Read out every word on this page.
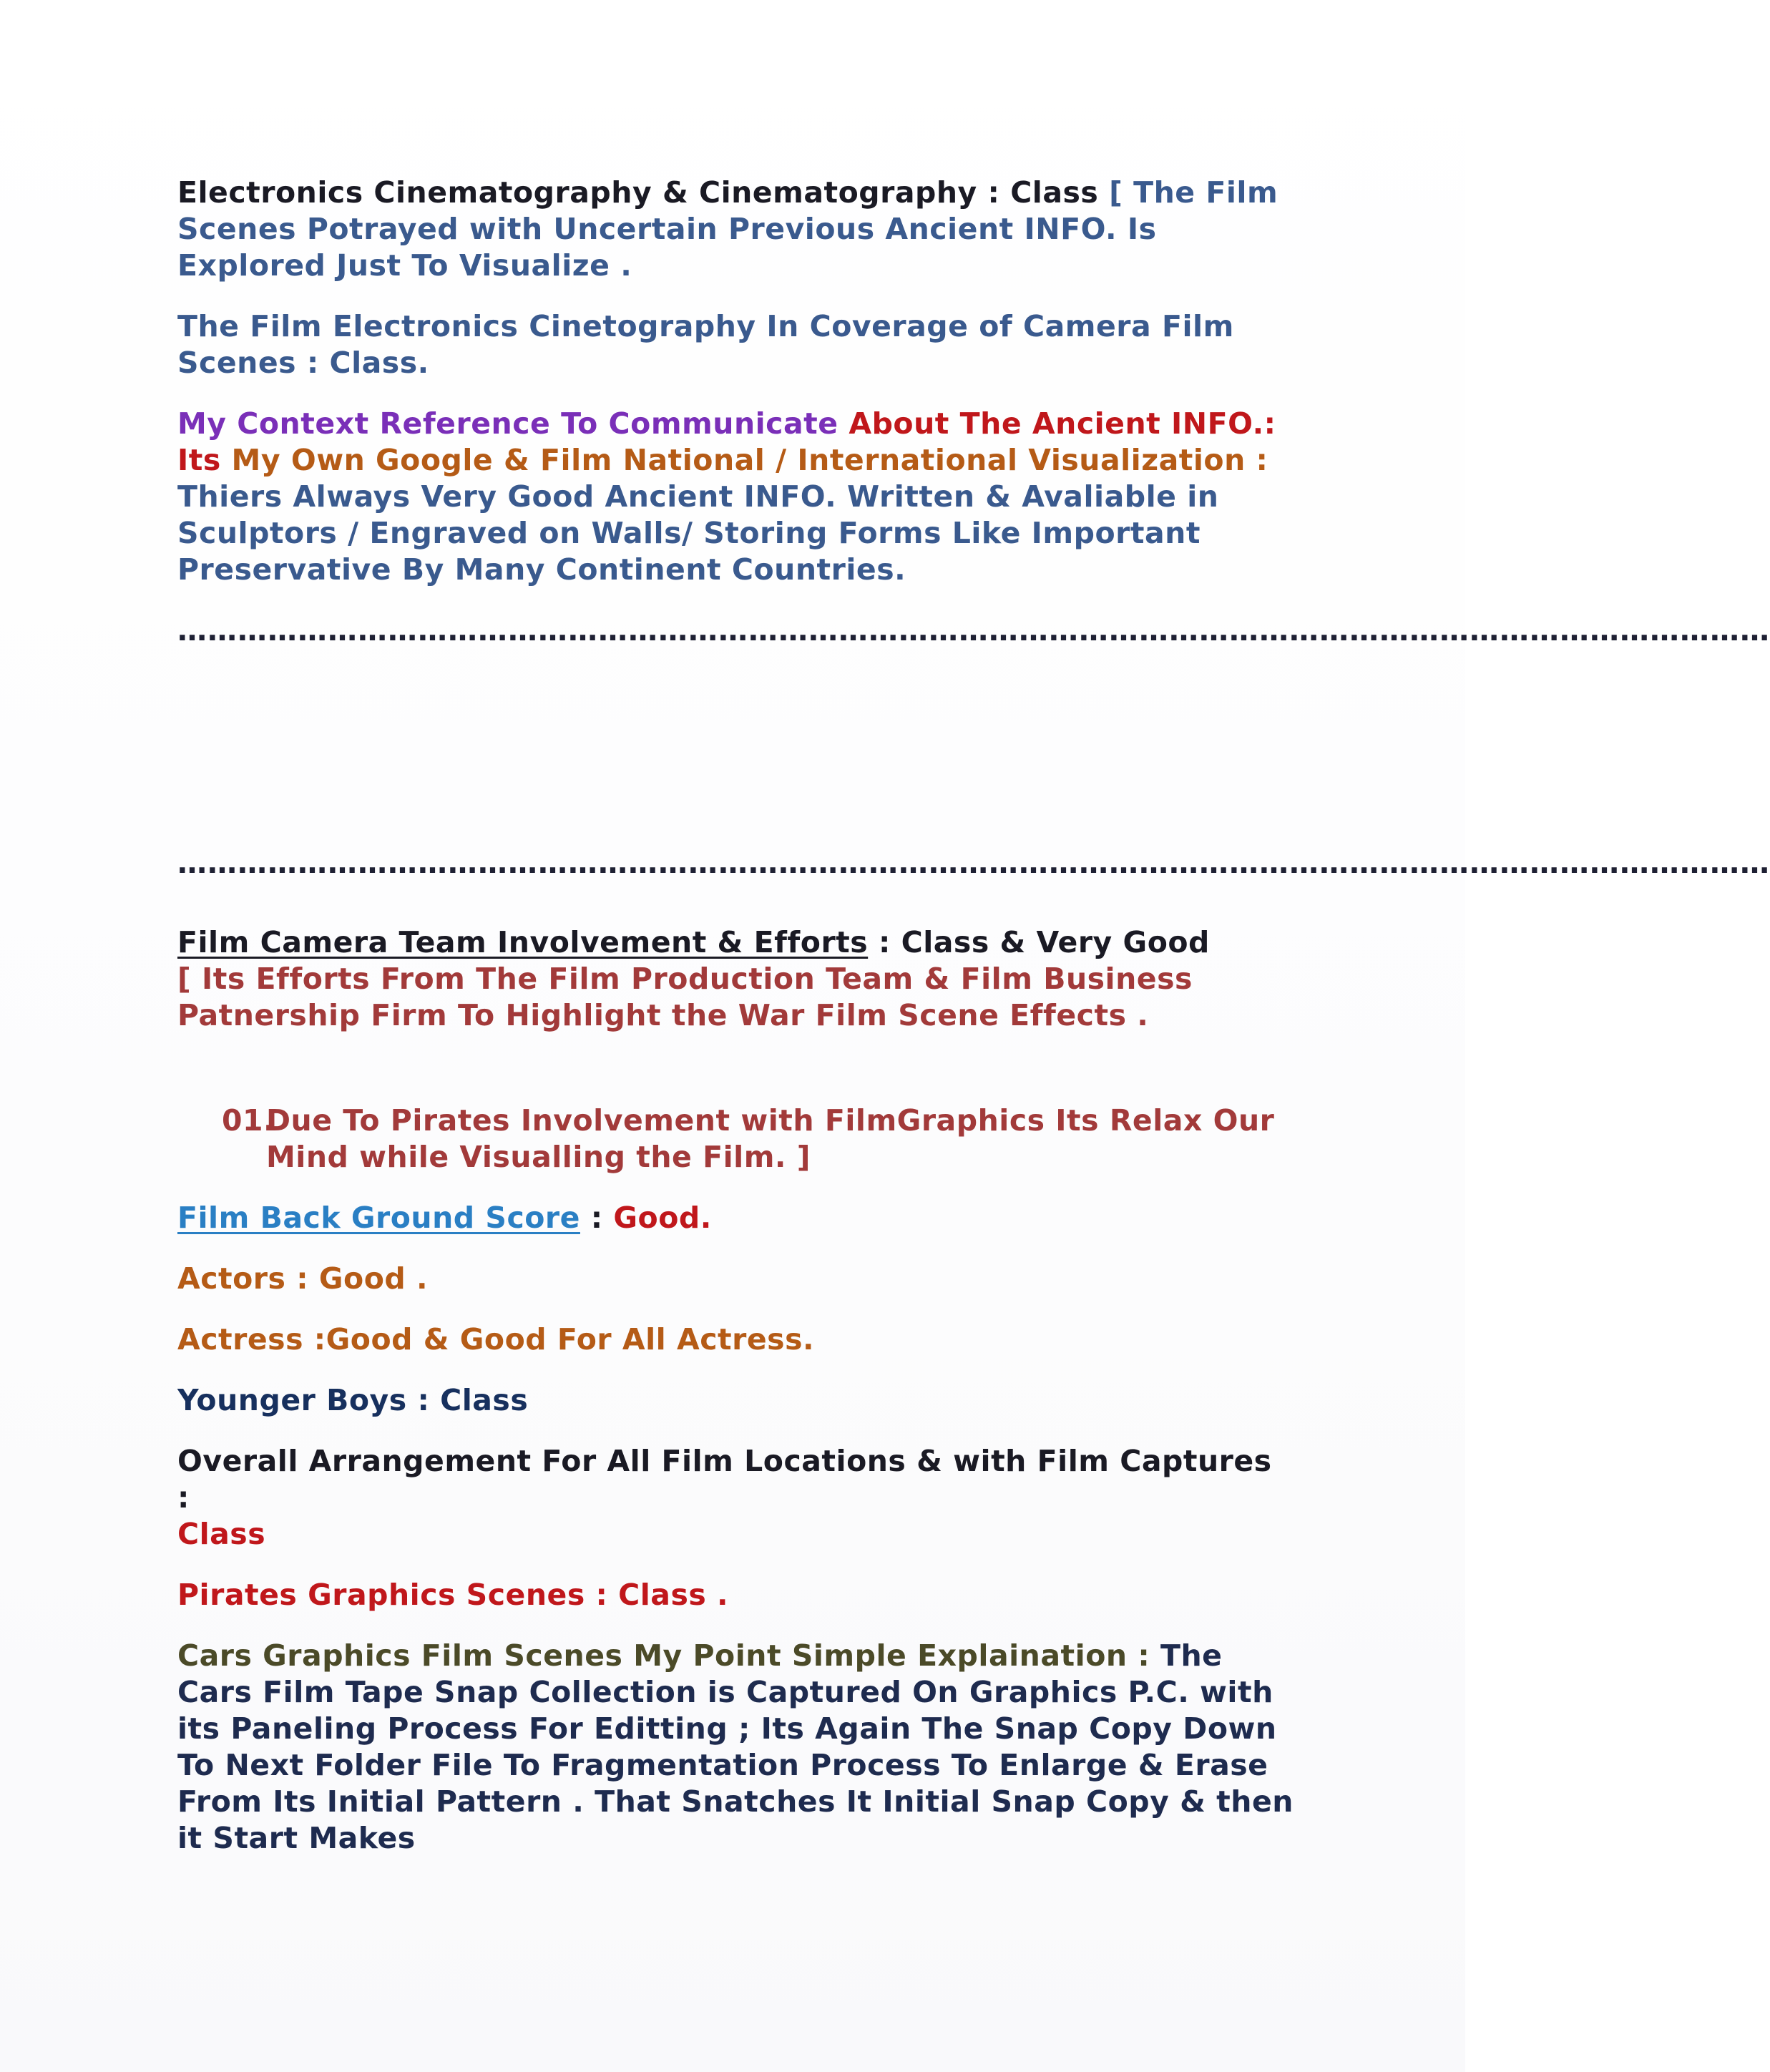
Electronics Cinematography & Cinematography : Class [ The Film Scenes Potrayed with Uncertain Previous Ancient INFO. Is Explored Just To Visualize .

The Film Electronics Cinetography In Coverage of Camera Film Scenes : Class.

My Context Reference To Communicate About The Ancient INFO.: Its My Own Google & Film National / International Visualization : Thiers Always Very Good Ancient INFO. Written & Avaliable in Sculptors / Engraved on Walls/ Storing Forms Like Important Preservative By Many Continent Countries.

……………………………………………………………………………………………………………………………………………

……………………………………………………………………………………………………………………………………………

Film Camera Team Involvement & Efforts : Class & Very Good
[ Its Efforts From The Film Production Team & Film Business Patnership Firm To Highlight the War Film Scene Effects .

01.
Due To Pirates Involvement with FilmGraphics Its Relax Our Mind while Visualling the Film. ]

Film Back Ground Score : Good.

Actors : Good .

Actress :Good & Good For All Actress.

Younger Boys : Class

Overall Arrangement For All Film Locations & with Film Captures :
Class

Pirates Graphics Scenes : Class .

Cars Graphics Film Scenes My Point Simple Explaination : The Cars Film Tape Snap Collection is Captured On Graphics P.C. with its Paneling Process For Editting ; Its Again The Snap Copy Down To Next Folder File To Fragmentation Process To Enlarge & Erase From Its Initial Pattern . That Snatches It Initial Snap Copy & then it Start Makes
